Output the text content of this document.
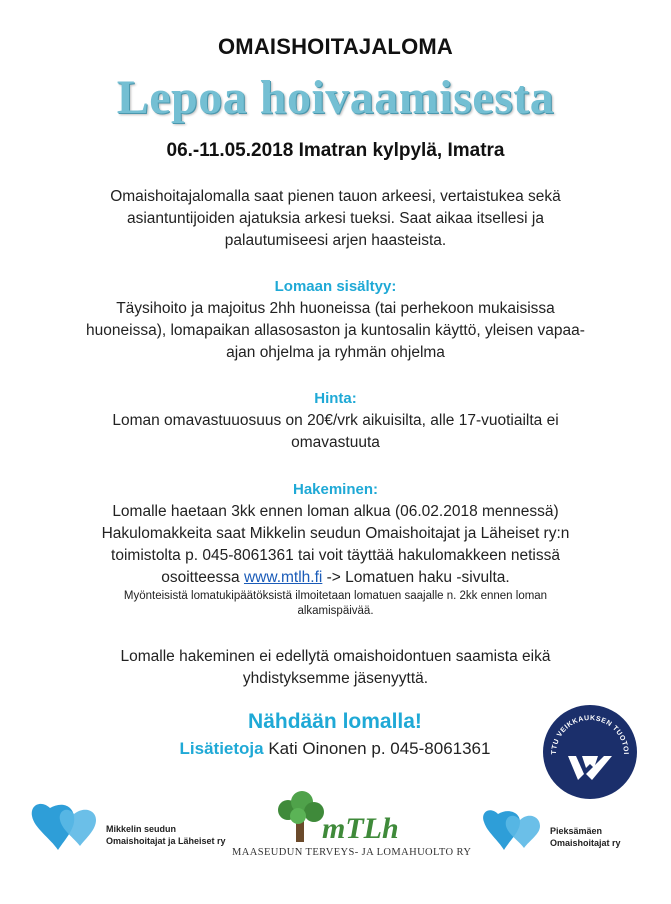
OMAISHOITAJALOMA
Lepoa hoivaamisesta
06.-11.05.2018 Imatran kylpylä, Imatra

Omaishoitajalomalla saat pienen tauon arkeesi, vertaistukea sekä

asiantuntijoiden ajatuksia arkesi tueksi. Saat aikaa itsellesi ja

palautumiseesi arjen haasteista.

Lomaan sisältyy:

Täysihoito ja majoitus 2hh huoneissa (tai perhekoon mukaisissa

huoneissa), lomapaikan allasosaston ja kuntosalin käyttö, yleisen vapaa-

ajan ohjelma ja ryhmän ohjelma

Hinta:

Loman omavastuuosuus on 20€/vrk aikuisilta, alle 17-vuotiailta ei

omavastuuta

Hakeminen:

Lomalle haetaan 3kk ennen loman alkua (06.02.2018 mennessä)

Hakulomakkeita saat Mikkelin seudun Omaishoitajat ja Läheiset ry:n

toimistolta p. 045-8061361 tai voit täyttää hakulomakkeen netissä

osoitteessa www.mtlh.fi -> Lomatuen haku -sivulta.

Myönteisistä lomatukipäätöksistä ilmoitetaan lomatuen saajalle n. 2kk ennen loman

alkamispäivää.

Lomalle hakeminen ei edellytä omaishoidontuen saamista eikä

yhdistyksemme jäsenyyttä.

Nähdään lomalla!
Lisätietoja Kati Oinonen p. 045-8061361	TTU VEIKKAUKSEN TUOTOI
Mikkelin seudun
Omaishoitajat ja Läheiset ry	mTLh
MAASEUDUN TERVEYS- JA LOMAHUOLTO RY
Pieksämäen
Omaishoitajat ry
